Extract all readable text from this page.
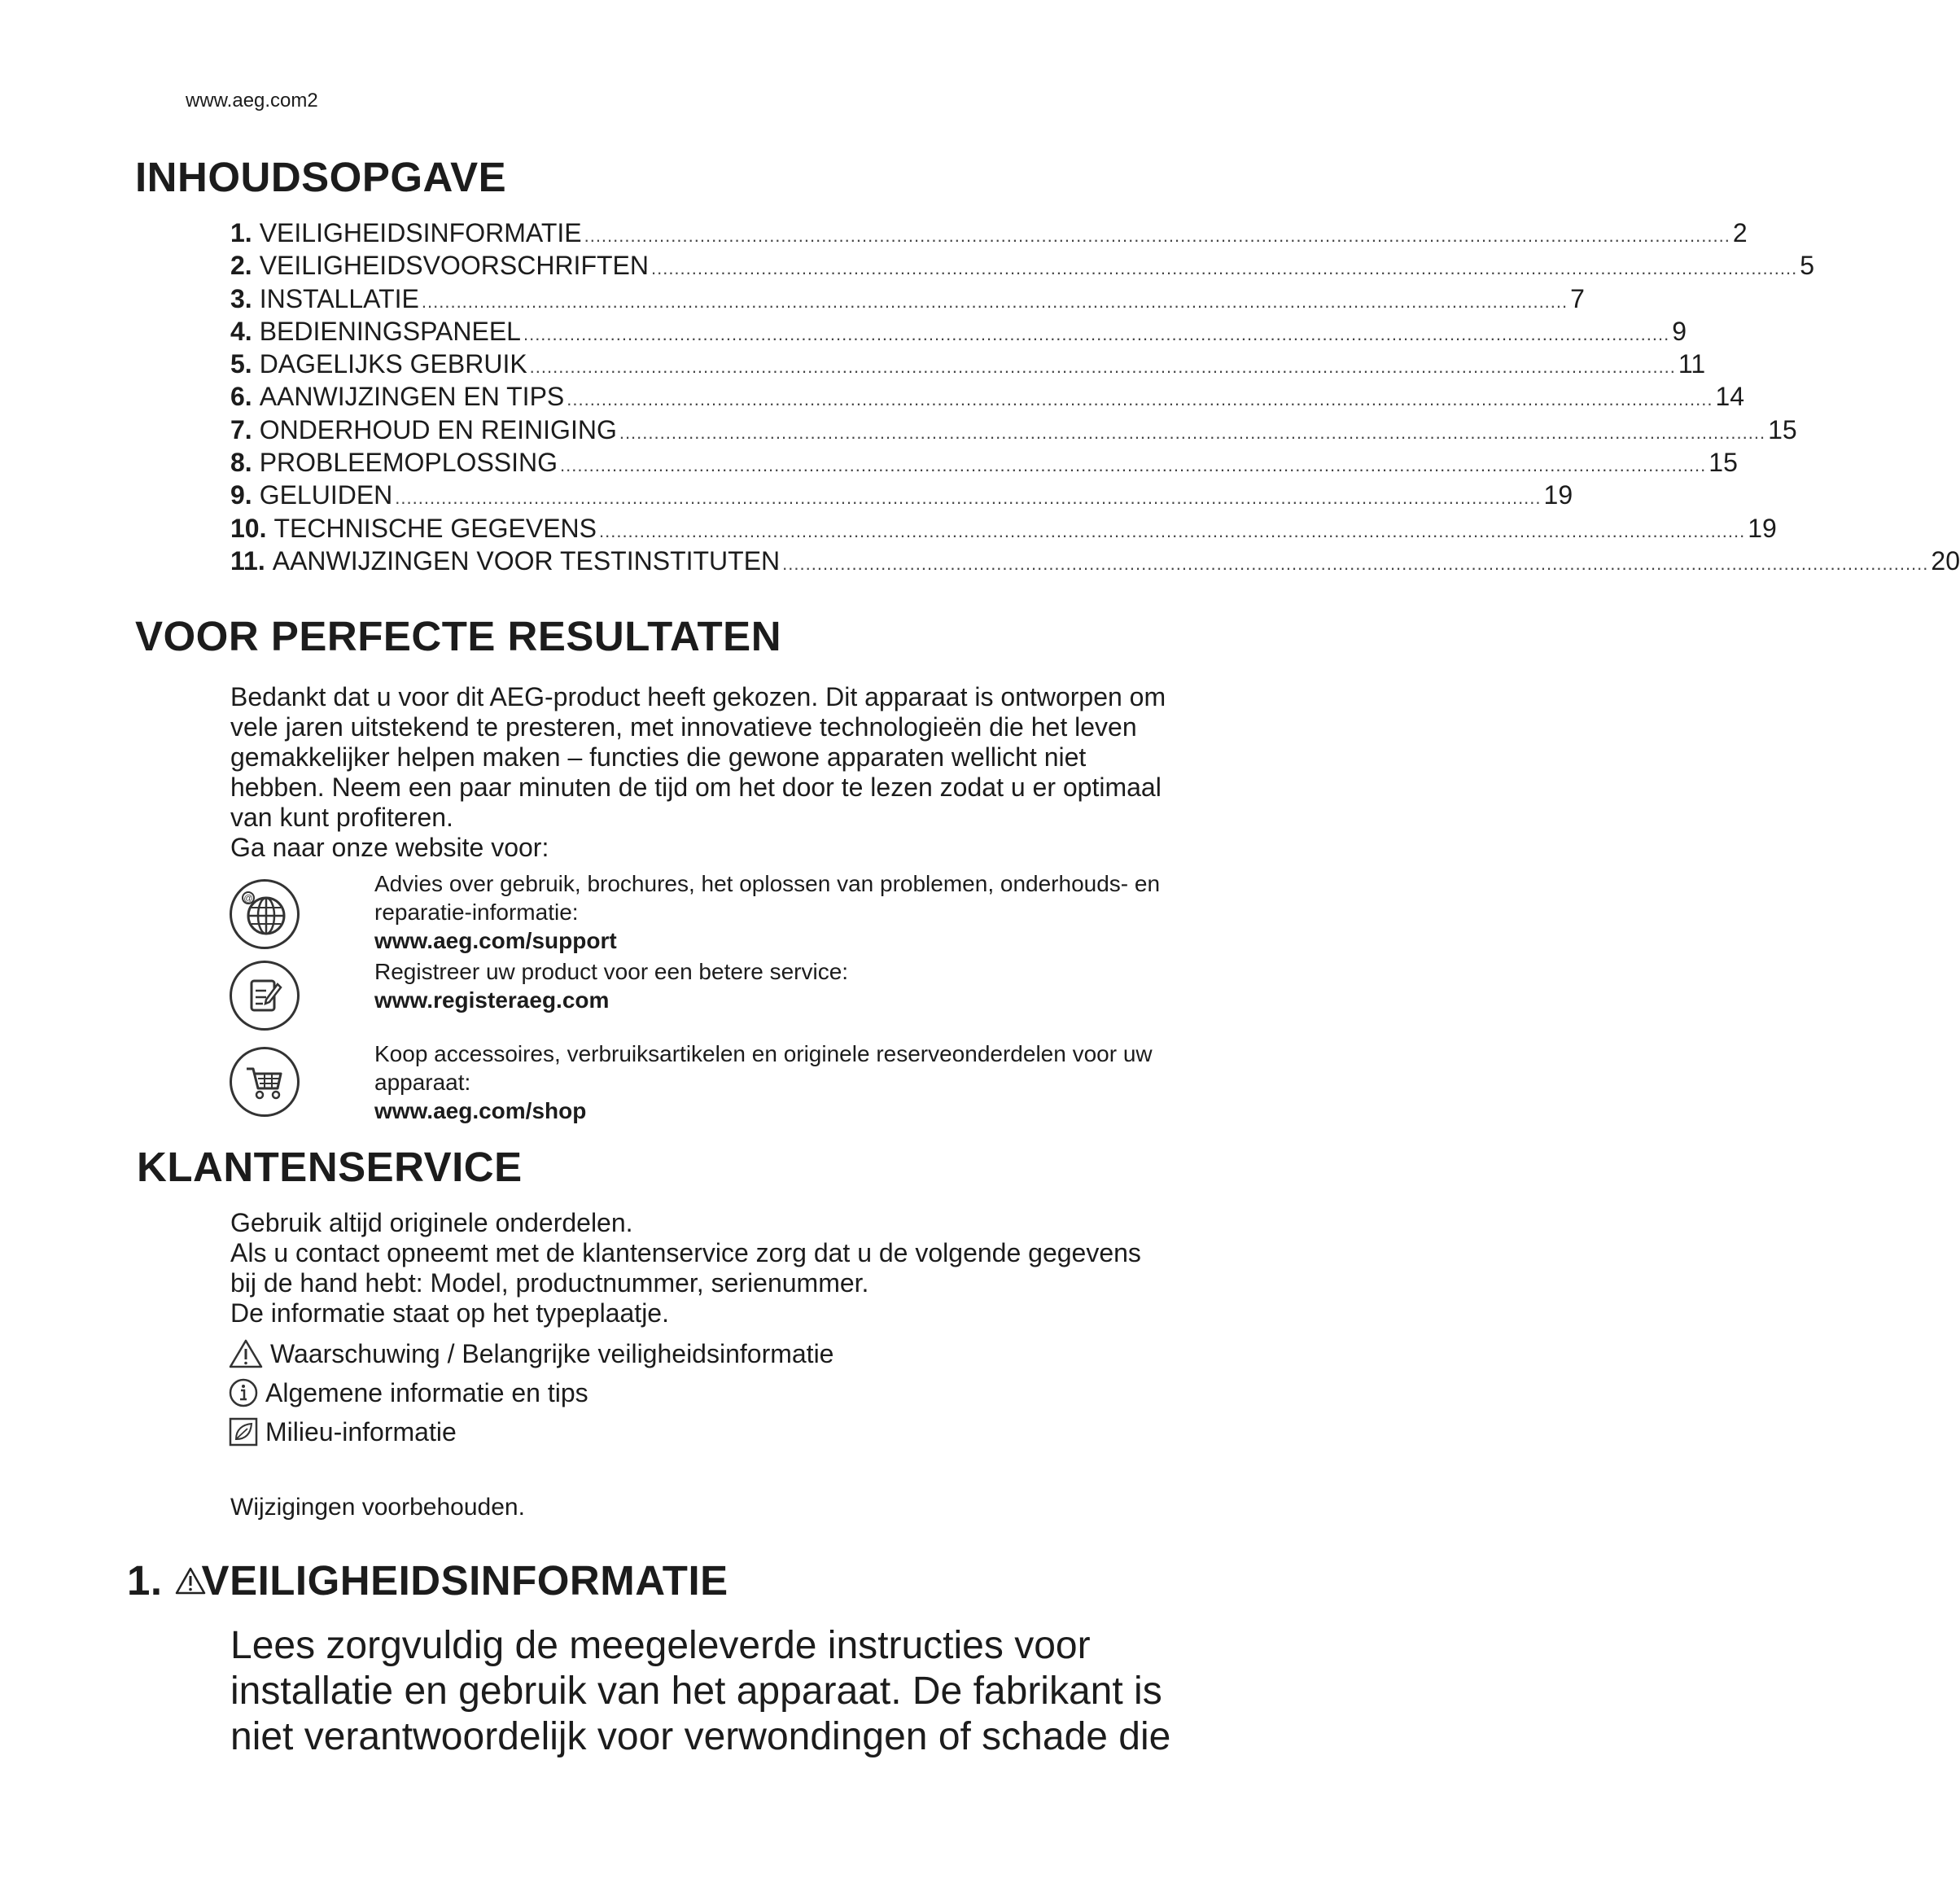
www.aeg.com2
INHOUDSOPGAVE
1. VEILIGHEIDSINFORMATIE ...................................................................................................................................................................................................... 2
2. VEILIGHEIDSVOORSCHRIFTEN ...................................................................................................................................................................................................... 5
3. INSTALLATIE ...................................................................................................................................................................................................... 7
4. BEDIENINGSPANEEL ...................................................................................................................................................................................................... 9
5. DAGELIJKS GEBRUIK ...................................................................................................................................................................................................... 11
6. AANWIJZINGEN EN TIPS ...................................................................................................................................................................................................... 14
7. ONDERHOUD EN REINIGING ...................................................................................................................................................................................................... 15
8. PROBLEEMOPLOSSING ...................................................................................................................................................................................................... 15
9. GELUIDEN ...................................................................................................................................................................................................... 19
10. TECHNISCHE GEGEVENS ...................................................................................................................................................................................................... 19
11. AANWIJZINGEN VOOR TESTINSTITUTEN ...................................................................................................................................................................................................... 20
VOOR PERFECTE RESULTATEN
Bedankt dat u voor dit AEG-product heeft gekozen. Dit apparaat is ontworpen om
vele jaren uitstekend te presteren, met innovatieve technologieën die het leven
gemakkelijker helpen maken – functies die gewone apparaten wellicht niet
hebben. Neem een paar minuten de tijd om het door te lezen zodat u er optimaal
van kunt profiteren.
Ga naar onze website voor:
@
Advies over gebruik, brochures, het oplossen van problemen, onderhouds- en
reparatie-informatie:
www.aeg.com/support
Registreer uw product voor een betere service:
www.registeraeg.com
Koop accessoires, verbruiksartikelen en originele reserveonderdelen voor uw
apparaat:
www.aeg.com/shop
KLANTENSERVICE
Gebruik altijd originele onderdelen.
Als u contact opneemt met de klantenservice zorg dat u de volgende gegevens
bij de hand hebt: Model, productnummer, serienummer.
De informatie staat op het typeplaatje.
Waarschuwing / Belangrijke veiligheidsinformatie
Algemene informatie en tips
Milieu-informatie
Wijzigingen voorbehouden.
1. VEILIGHEIDSINFORMATIE
Lees zorgvuldig de meegeleverde instructies voor
installatie en gebruik van het apparaat. De fabrikant is
niet verantwoordelijk voor verwondingen of schade die
